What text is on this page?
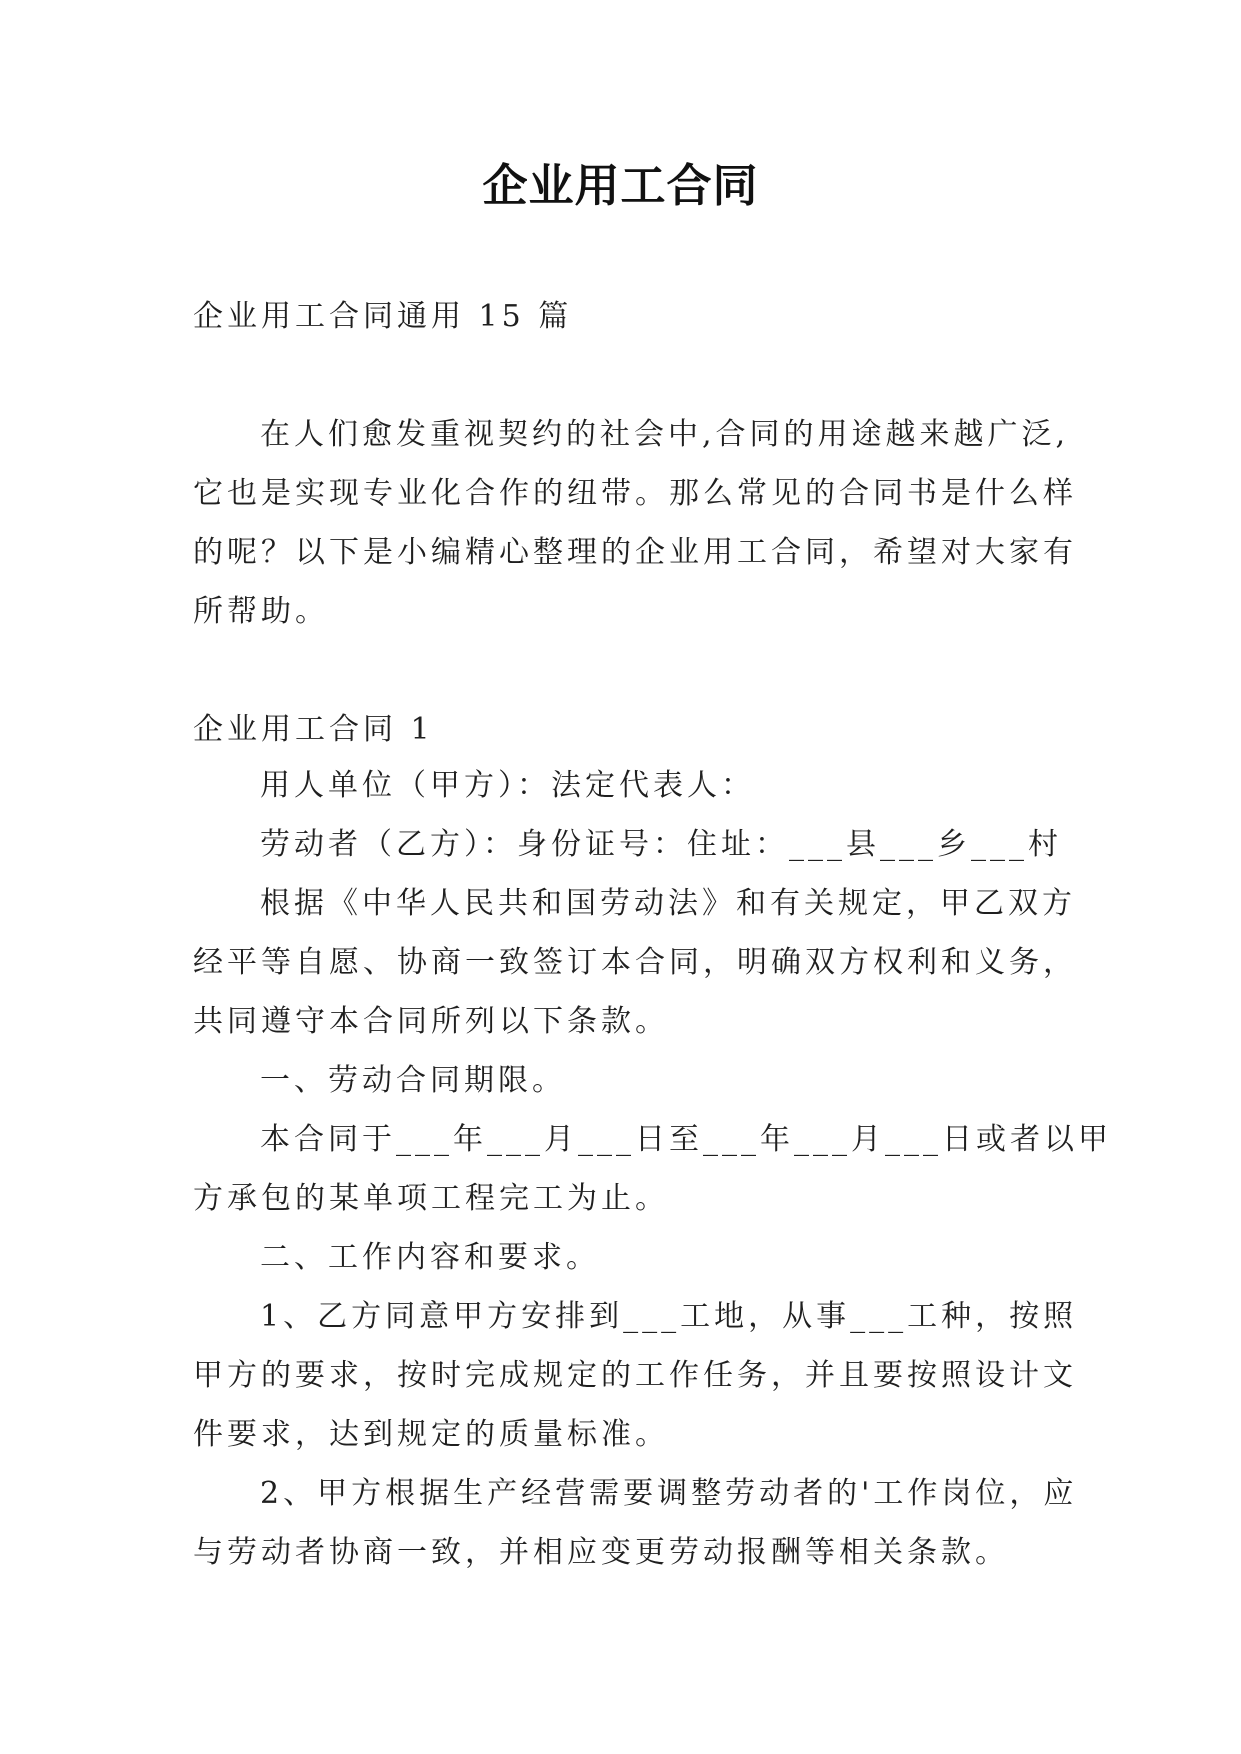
企业用工合同
企业用工合同通用 15 篇
在人们愈发重视契约的社会中,合同的用途越来越广泛,
它也是实现专业化合作的纽带。那么常见的合同书是什么样
的呢？以下是小编精心整理的企业用工合同，希望对大家有
所帮助。
企业用工合同 1
用人单位（甲方）：法定代表人：
劳动者（乙方）：身份证号：住址：___县___乡___村
根据《中华人民共和国劳动法》和有关规定，甲乙双方
经平等自愿、协商一致签订本合同，明确双方权利和义务，
共同遵守本合同所列以下条款。
一、劳动合同期限。
本合同于___年___月___日至___年___月___日或者以甲
方承包的某单项工程完工为止。
二、工作内容和要求。
1、乙方同意甲方安排到___工地，从事___工种，按照
甲方的要求，按时完成规定的工作任务，并且要按照设计文
件要求，达到规定的质量标准。
2、甲方根据生产经营需要调整劳动者的'工作岗位，应
与劳动者协商一致，并相应变更劳动报酬等相关条款。
